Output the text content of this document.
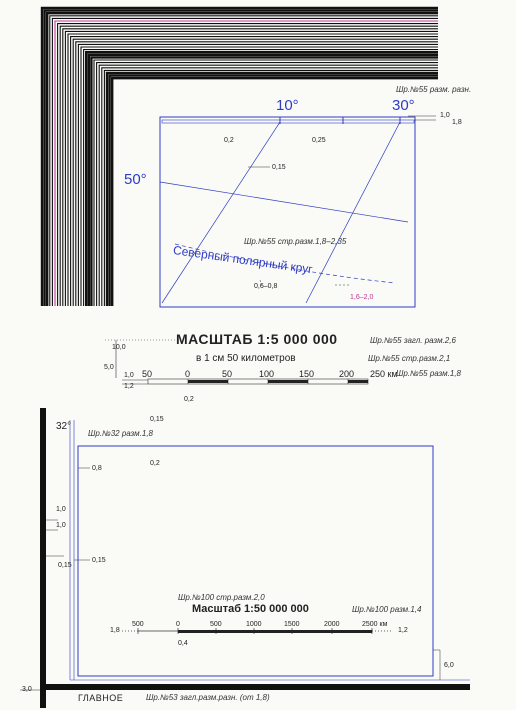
10°	30°
50°
Шр.№55 разм. разн.
1,0
1,8
0,2	0,25
0,15
Шр.№55 стр.разм.1,8–2,35
Северный полярный круг
0,6–0,8
1,6–2,0
МАСШТАБ 1:5 000 000	Шр.№55 загл. разм.2,6
в 1 см 50 километров	Шр.№55 стр.разм.2,1
Шр.№55 разм.1,8
10,0
5,0
1,0
1,2
50	0	50	100	150	200 250 км
0,2
32°
0,15
Шр.№32 разм.1,8
0,8
0,2
1,0
1,0
0,15
0,15
Шр.№100 стр.разм.2,0
Масштаб 1:50 000 000	Шр.№100 разм.1,4
500	0	500	1000	1500	2000	2500 км
1,8	1,2
0,4
6,0
3,0
ГЛАВНОЕ	Шр.№53 загл.разм.разн. (от 1,8)
